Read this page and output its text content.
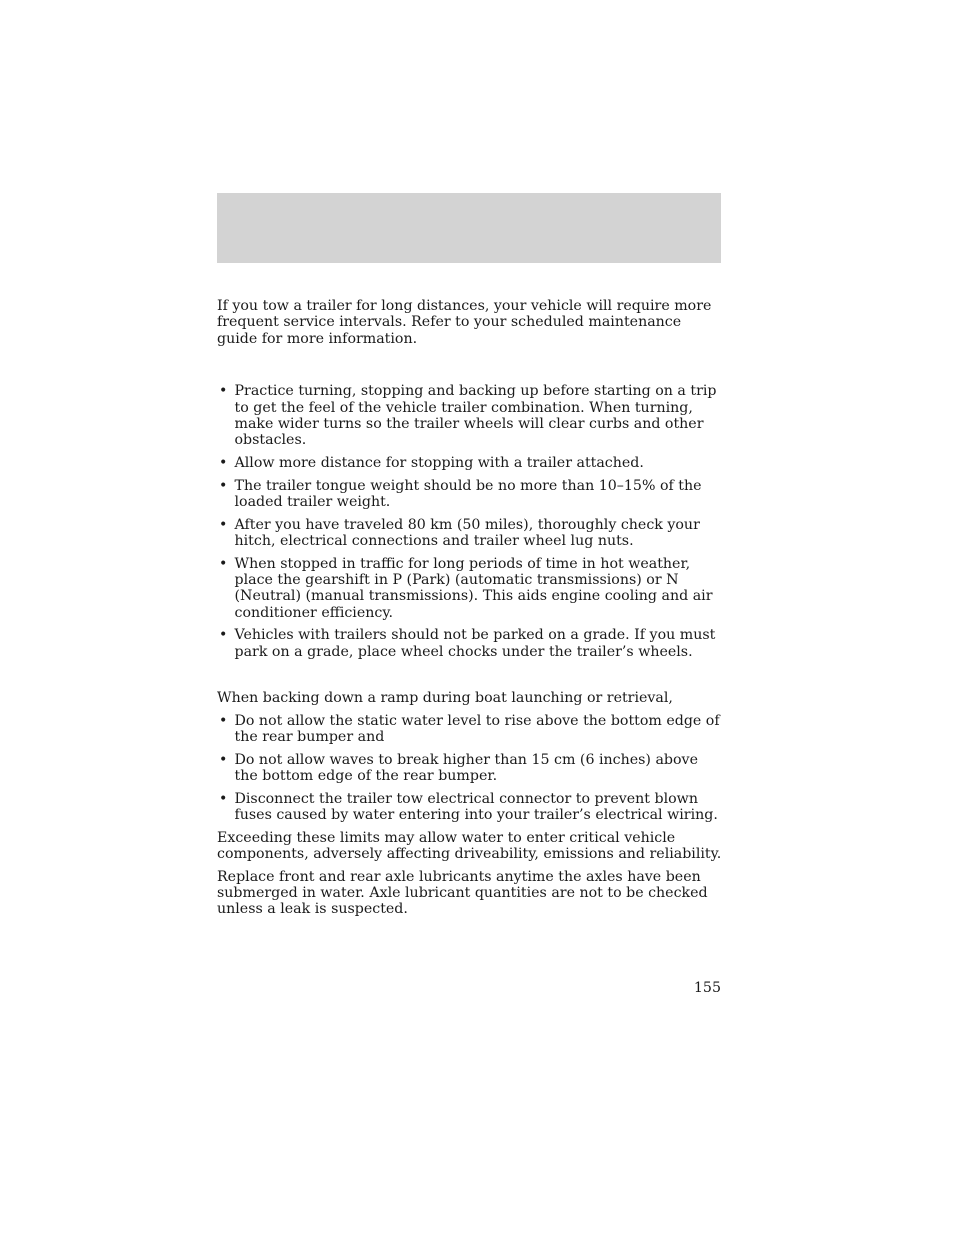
If you tow a trailer for long distances, your vehicle will require more frequent service intervals. Refer to your scheduled maintenance guide for more information.

• Practice turning, stopping and backing up before starting on a trip to get the feel of the vehicle trailer combination. When turning, make wider turns so the trailer wheels will clear curbs and other obstacles.
• Allow more distance for stopping with a trailer attached.
• The trailer tongue weight should be no more than 10–15% of the loaded trailer weight.
• After you have traveled 80 km (50 miles), thoroughly check your hitch, electrical connections and trailer wheel lug nuts.
• When stopped in traffic for long periods of time in hot weather, place the gearshift in P (Park) (automatic transmissions) or N (Neutral) (manual transmissions). This aids engine cooling and air conditioner efficiency.
• Vehicles with trailers should not be parked on a grade. If you must park on a grade, place wheel chocks under the trailer’s wheels.

When backing down a ramp during boat launching or retrieval,

• Do not allow the static water level to rise above the bottom edge of the rear bumper and
• Do not allow waves to break higher than 15 cm (6 inches) above the bottom edge of the rear bumper.
• Disconnect the trailer tow electrical connector to prevent blown fuses caused by water entering into your trailer’s electrical wiring.

Exceeding these limits may allow water to enter critical vehicle components, adversely affecting driveability, emissions and reliability.

Replace front and rear axle lubricants anytime the axles have been submerged in water. Axle lubricant quantities are not to be checked unless a leak is suspected.

155
